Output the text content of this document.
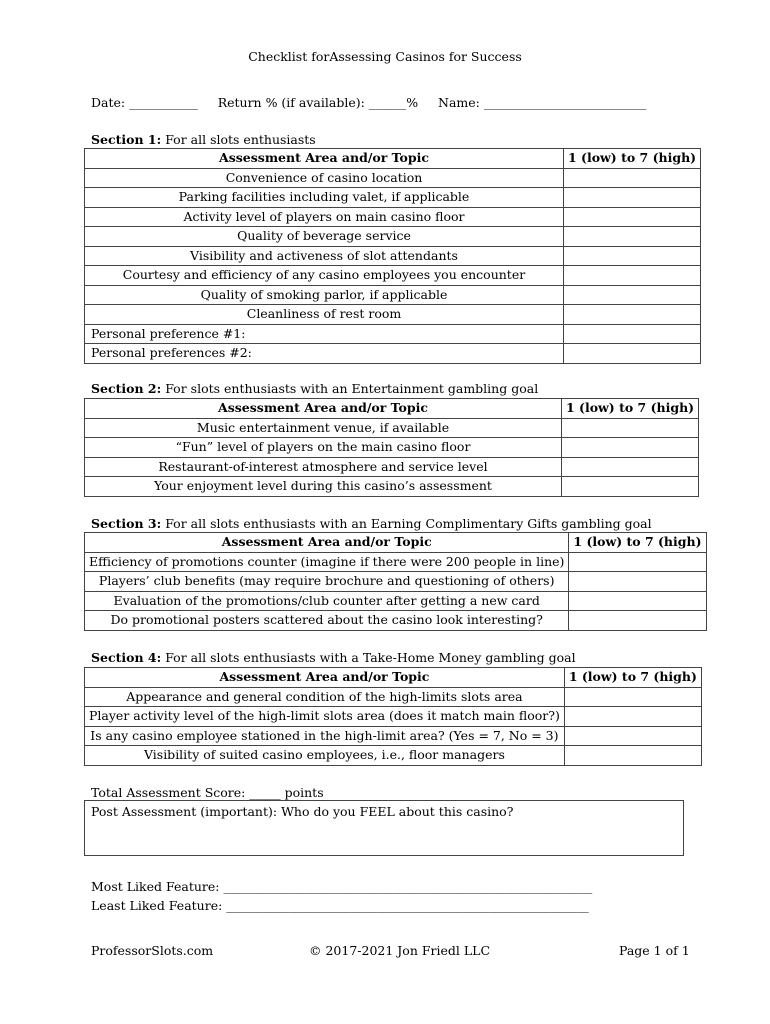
Checklist forAssessing Casinos for Success
Date: ___________     Return % (if available): ______%     Name: __________________________
Section 1: For all slots enthusiasts
Assessment Area and/or Topic	1 (low) to 7 (high)
Convenience of casino location	
Parking facilities including valet, if applicable	
Activity level of players on main casino floor	
Quality of beverage service	
Visibility and activeness of slot attendants	
Courtesy and efficiency of any casino employees you encounter	
Quality of smoking parlor, if applicable	
Cleanliness of rest room	
Personal preference #1:	
Personal preferences #2:	
Section 2: For slots enthusiasts with an Entertainment gambling goal
Assessment Area and/or Topic	1 (low) to 7 (high)
Music entertainment venue, if available	
“Fun” level of players on the main casino floor	
Restaurant-of-interest atmosphere and service level	
Your enjoyment level during this casino’s assessment	
Section 3: For all slots enthusiasts with an Earning Complimentary Gifts gambling goal
Assessment Area and/or Topic	1 (low) to 7 (high)
Efficiency of promotions counter (imagine if there were 200 people in line)	
Players’ club benefits (may require brochure and questioning of others)	
Evaluation of the promotions/club counter after getting a new card	
Do promotional posters scattered about the casino look interesting?	
Section 4: For all slots enthusiasts with a Take-Home Money gambling goal
Assessment Area and/or Topic	1 (low) to 7 (high)
Appearance and general condition of the high-limits slots area	
Player activity level of the high-limit slots area (does it match main floor?)	
Is any casino employee stationed in the high-limit area? (Yes = 7, No = 3)	
Visibility of suited casino employees, i.e., floor managers	
Total Assessment Score: _____ points
Post Assessment (important): Who do you FEEL about this casino?
Most Liked Feature: ___________________________________________________________
Least Liked Feature: __________________________________________________________
ProfessorSlots.com	© 2017-2021 Jon Friedl LLC	Page 1 of 1
